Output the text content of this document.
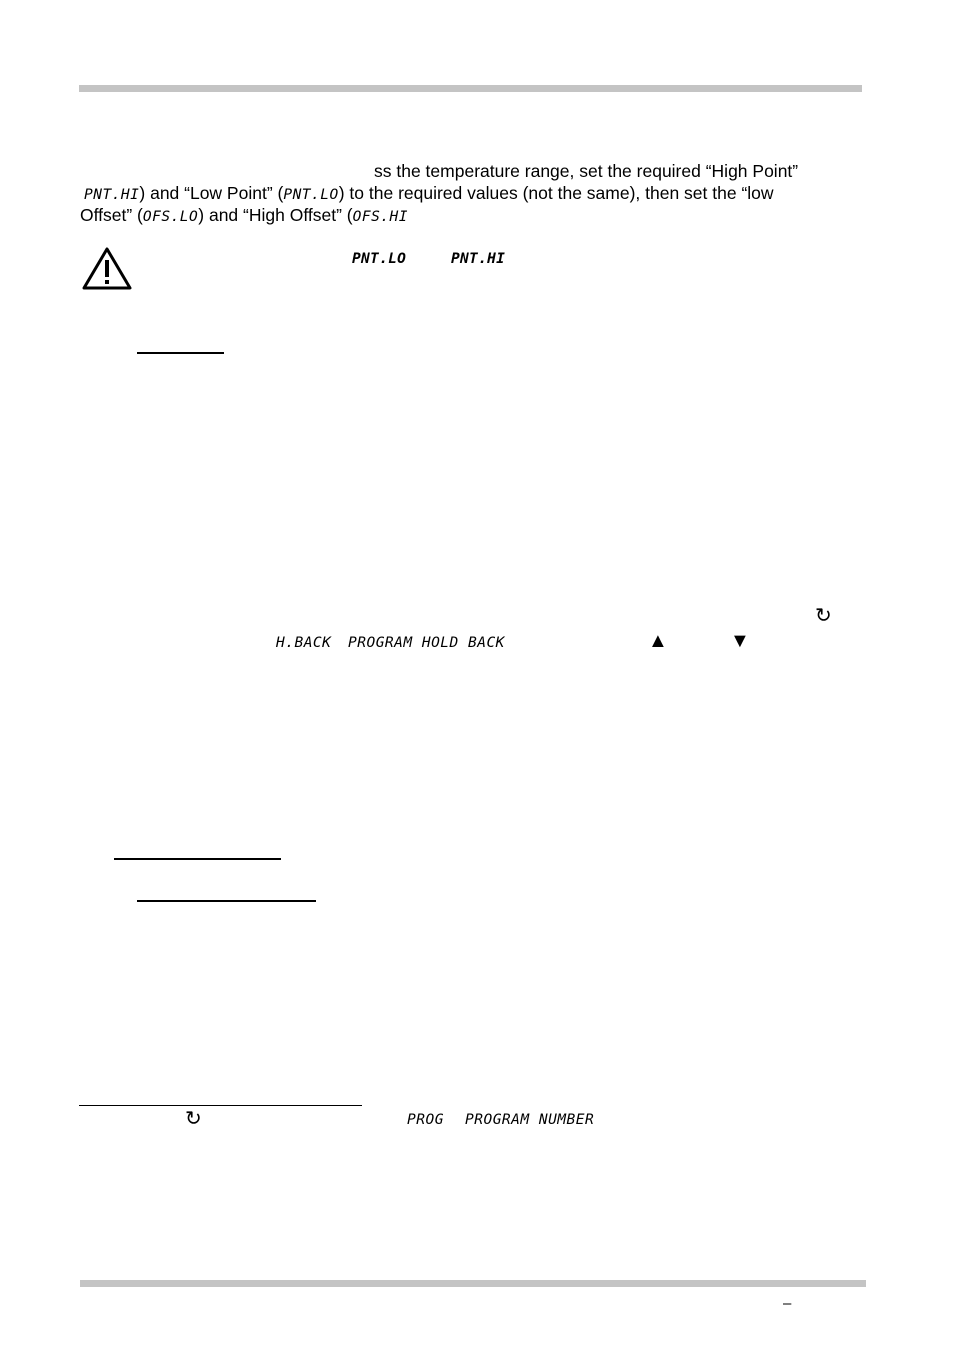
ss the temperature range, set the required “High Point”
PNT.HI) and “Low Point” (PNT.LO) to the required values (not the same), then set the “low
Offset” (OFS.LO) and “High Offset” (OFS.HI
PNT.LO	PNT.HI
↻
H.BACK PROGRAM HOLD BACK	▲	▼
↻	PROG PROGRAM NUMBER
–
